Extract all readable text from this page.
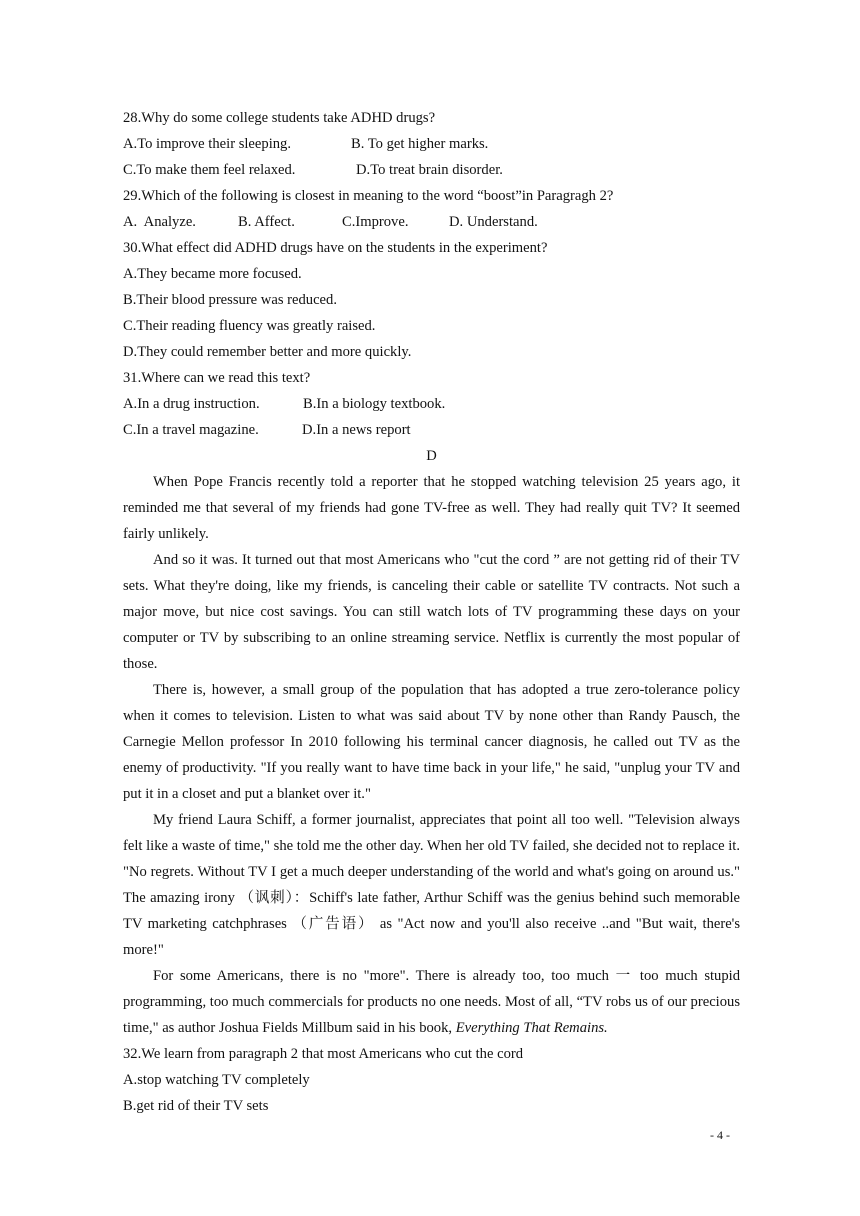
28.Why do some college students take ADHD drugs?
A.To improve their sleeping.	B. To get higher marks.
C.To make them feel relaxed.	D.To treat brain disorder.
29.Which of the following is closest in meaning to the word “boost”in Paragragh 2?
A.  Analyze.	B. Affect.	C.Improve.	D. Understand.
30.What effect did ADHD drugs have on the students in the experiment?
A.They became more focused.
B.Their blood pressure was reduced.
C.Their reading fluency was greatly raised.
D.They could remember better and more quickly.
31.Where can we read this text?
A.In a drug instruction.	B.In a biology textbook.
C.In a travel magazine.	D.In a news report
D

When Pope Francis recently told a reporter that he stopped watching television 25 years ago, it reminded me that several of my friends had gone TV-free as well. They had really quit TV? It seemed fairly unlikely.

And so it was. It turned out that most Americans who "cut the cord ” are not getting rid of their TV sets. What they're doing, like my friends, is canceling their cable or satellite TV contracts. Not such a major move, but nice cost savings. You can still watch lots of TV programming these days on your computer or TV by subscribing to an online streaming service. Netflix is currently the most popular of those.

There is, however, a small group of the population that has adopted a true zero-tolerance policy when it comes to television. Listen to what was said about TV by none other than Randy Pausch, the Carnegie Mellon professor In 2010 following his terminal cancer diagnosis, he called out TV as the enemy of productivity. "If you really want to have time back in your life," he said, "unplug your TV and put it in a closet and put a blanket over it."

My friend Laura Schiff, a former journalist, appreciates that point all too well. "Television always felt like a waste of time," she told me the other day. When her old TV failed, she decided not to replace it. "No regrets. Without TV I get a much deeper understanding of the world and what's going on around us." The amazing irony （讽刺）：Schiff's late father, Arthur Schiff was the genius behind such memorable TV marketing catchphrases （广告语） as "Act now and you'll also receive ..and "But wait, there's more!"

For some Americans, there is no "more". There is already too, too much 一 too much stupid programming, too much commercials for products no one needs. Most of all, “TV robs us of our precious time," as author Joshua Fields Millbum said in his book, Everything That Remains.

32.We learn from paragraph 2 that most Americans who cut the cord
A.stop watching TV completely
B.get rid of their TV sets
- 4 -
